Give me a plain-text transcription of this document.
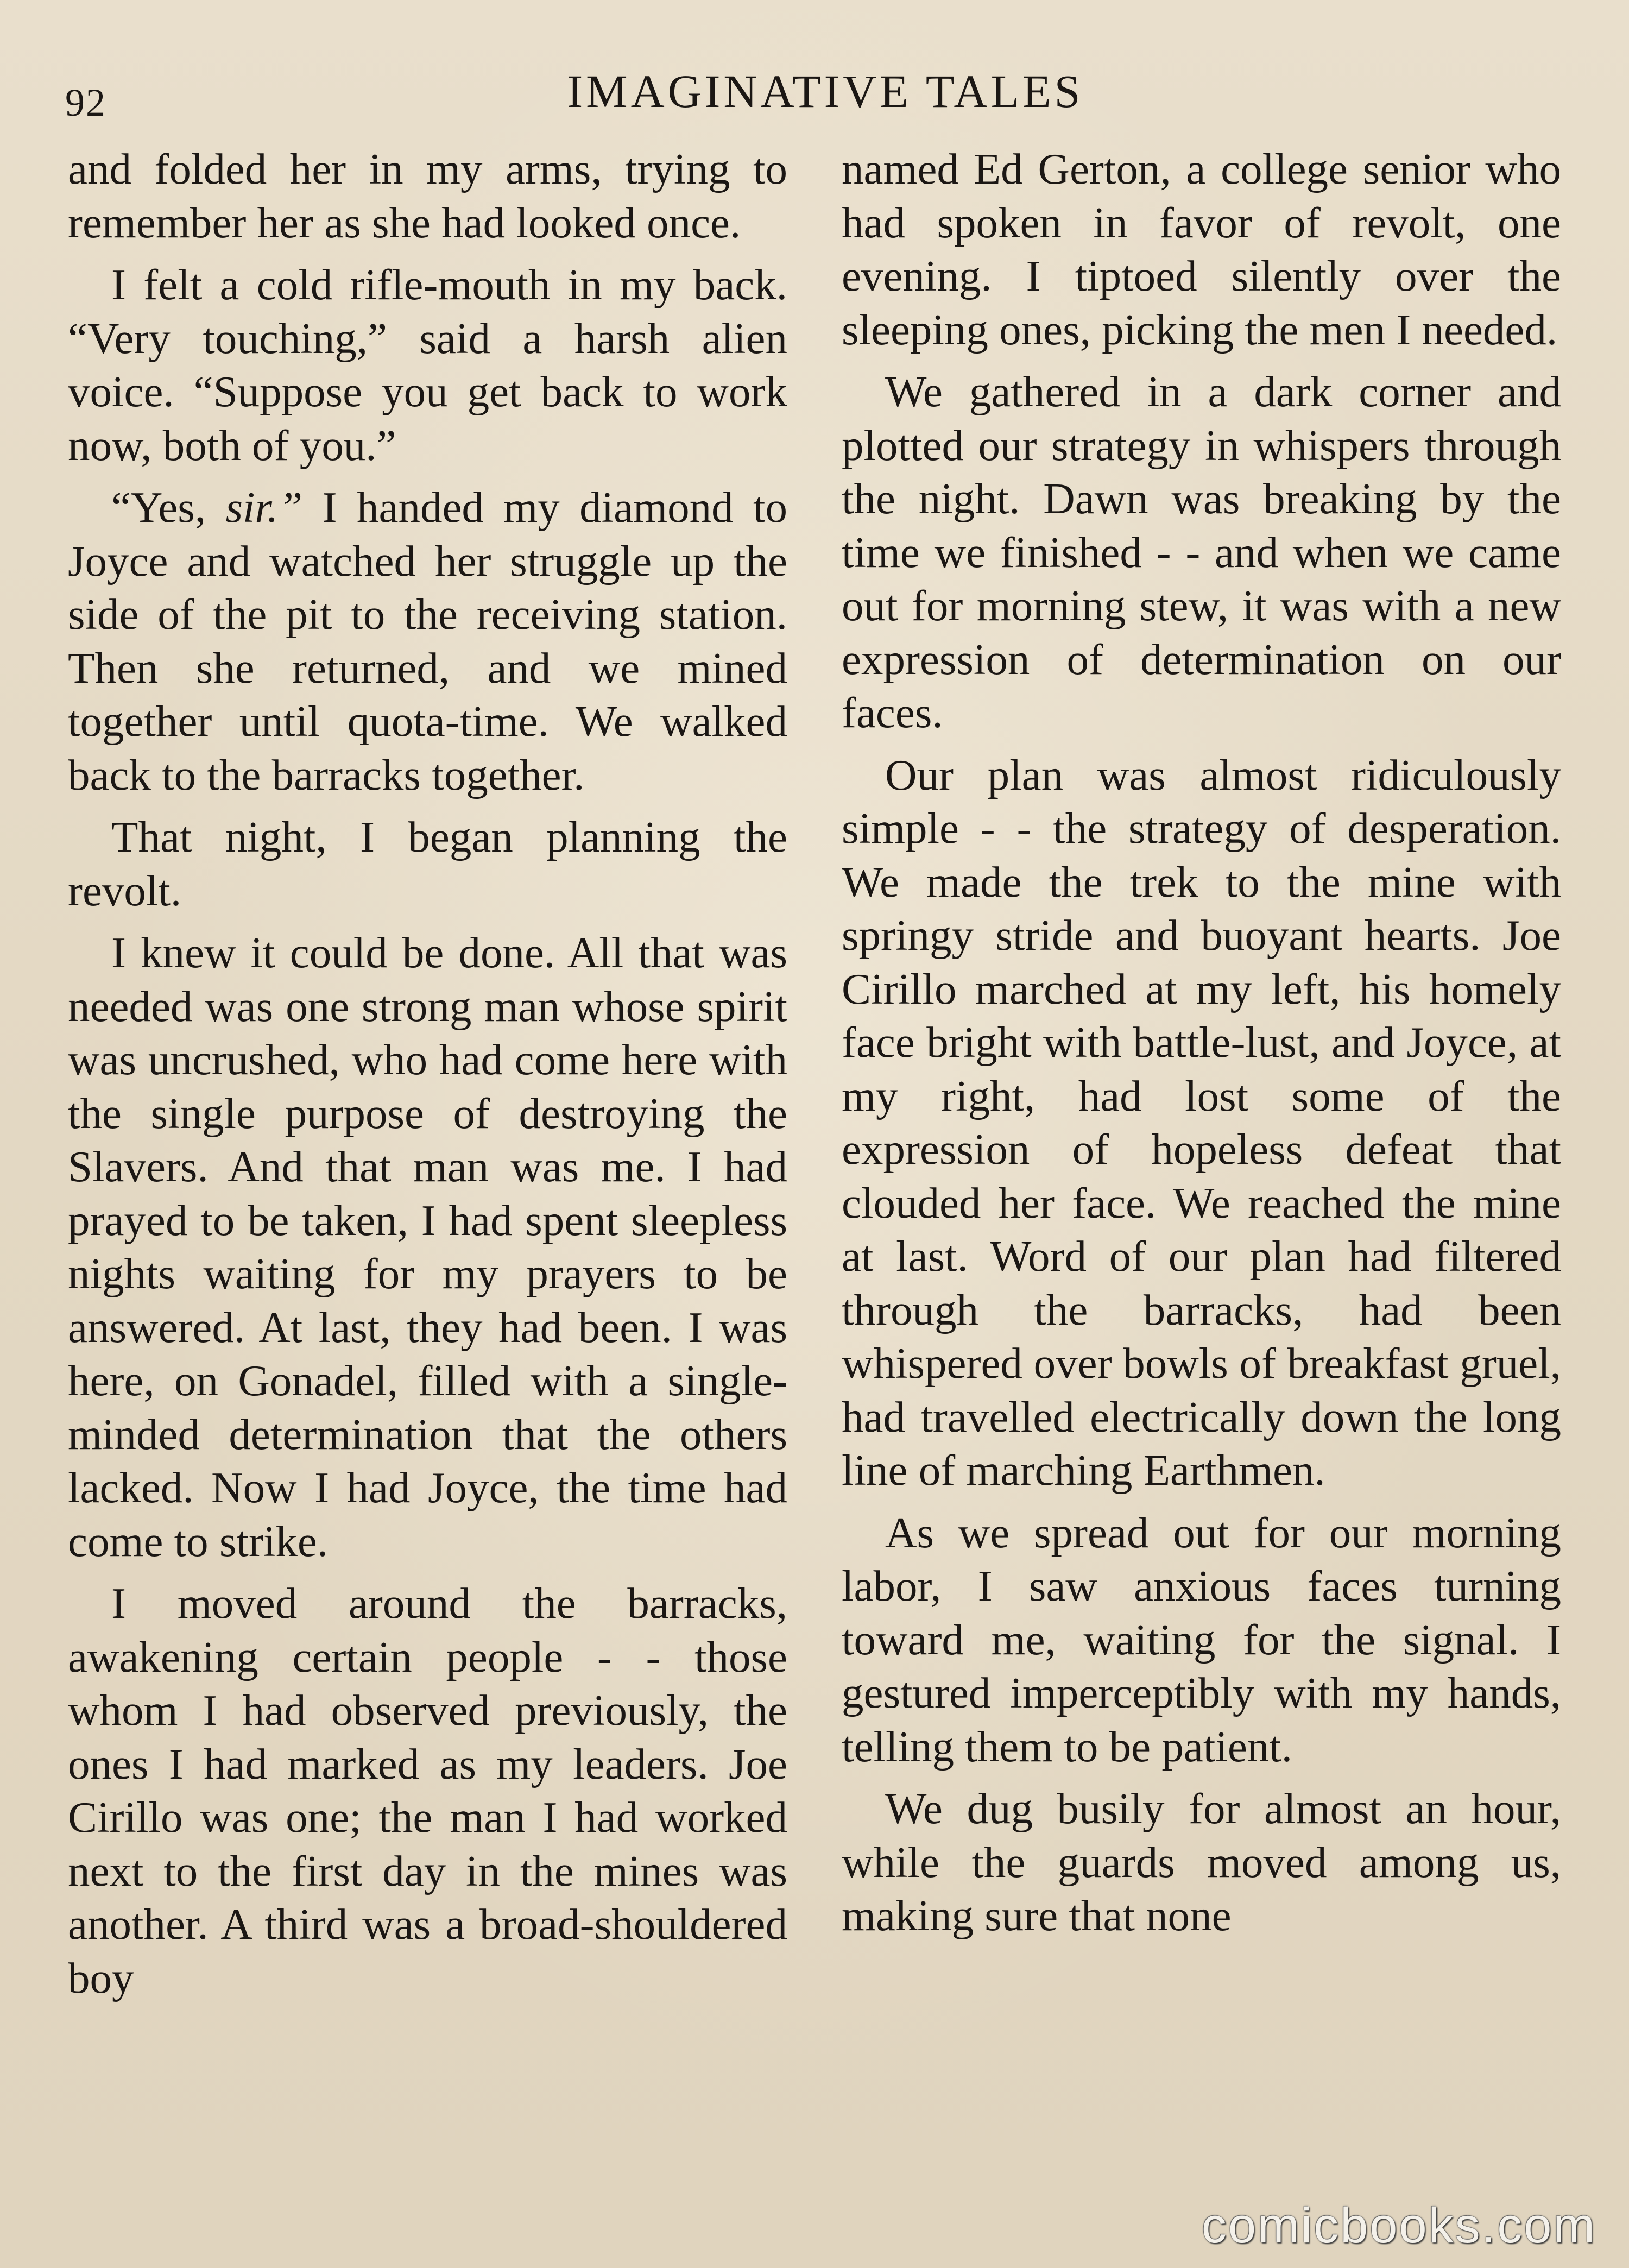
92	IMAGINATIVE TALES

and folded her in my arms, trying to remember her as she had looked once.

I felt a cold rifle-mouth in my back. “Very touching,” said a harsh alien voice. “Suppose you get back to work now, both of you.”

“Yes, sir.” I handed my diamond to Joyce and watched her struggle up the side of the pit to the receiving station. Then she returned, and we mined together until quota-time. We walked back to the barracks together.

That night, I began planning the revolt.

I knew it could be done. All that was needed was one strong man whose spirit was uncrushed, who had come here with the single purpose of destroying the Slavers. And that man was me. I had prayed to be taken, I had spent sleepless nights waiting for my prayers to be answered. At last, they had been. I was here, on Gonadel, filled with a single-minded determination that the others lacked. Now I had Joyce, the time had come to strike.

I moved around the barracks, awakening certain people - - those whom I had observed previously, the ones I had marked as my leaders. Joe Cirillo was one; the man I had worked next to the first day in the mines was another. A third was a broad-shouldered boy

named Ed Gerton, a college senior who had spoken in favor of revolt, one evening. I tiptoed silently over the sleeping ones, picking the men I needed.

We gathered in a dark corner and plotted our strategy in whispers through the night. Dawn was breaking by the time we finished - - and when we came out for morning stew, it was with a new expression of determination on our faces.

Our plan was almost ridiculously simple - - the strategy of desperation. We made the trek to the mine with springy stride and buoyant hearts. Joe Cirillo marched at my left, his homely face bright with battle-lust, and Joyce, at my right, had lost some of the expression of hopeless defeat that clouded her face. We reached the mine at last. Word of our plan had filtered through the barracks, had been whispered over bowls of breakfast gruel, had travelled electrically down the long line of marching Earthmen.

As we spread out for our morning labor, I saw anxious faces turning toward me, waiting for the signal. I gestured imperceptibly with my hands, telling them to be patient.

We dug busily for almost an hour, while the guards moved among us, making sure that none

comicbooks.com
